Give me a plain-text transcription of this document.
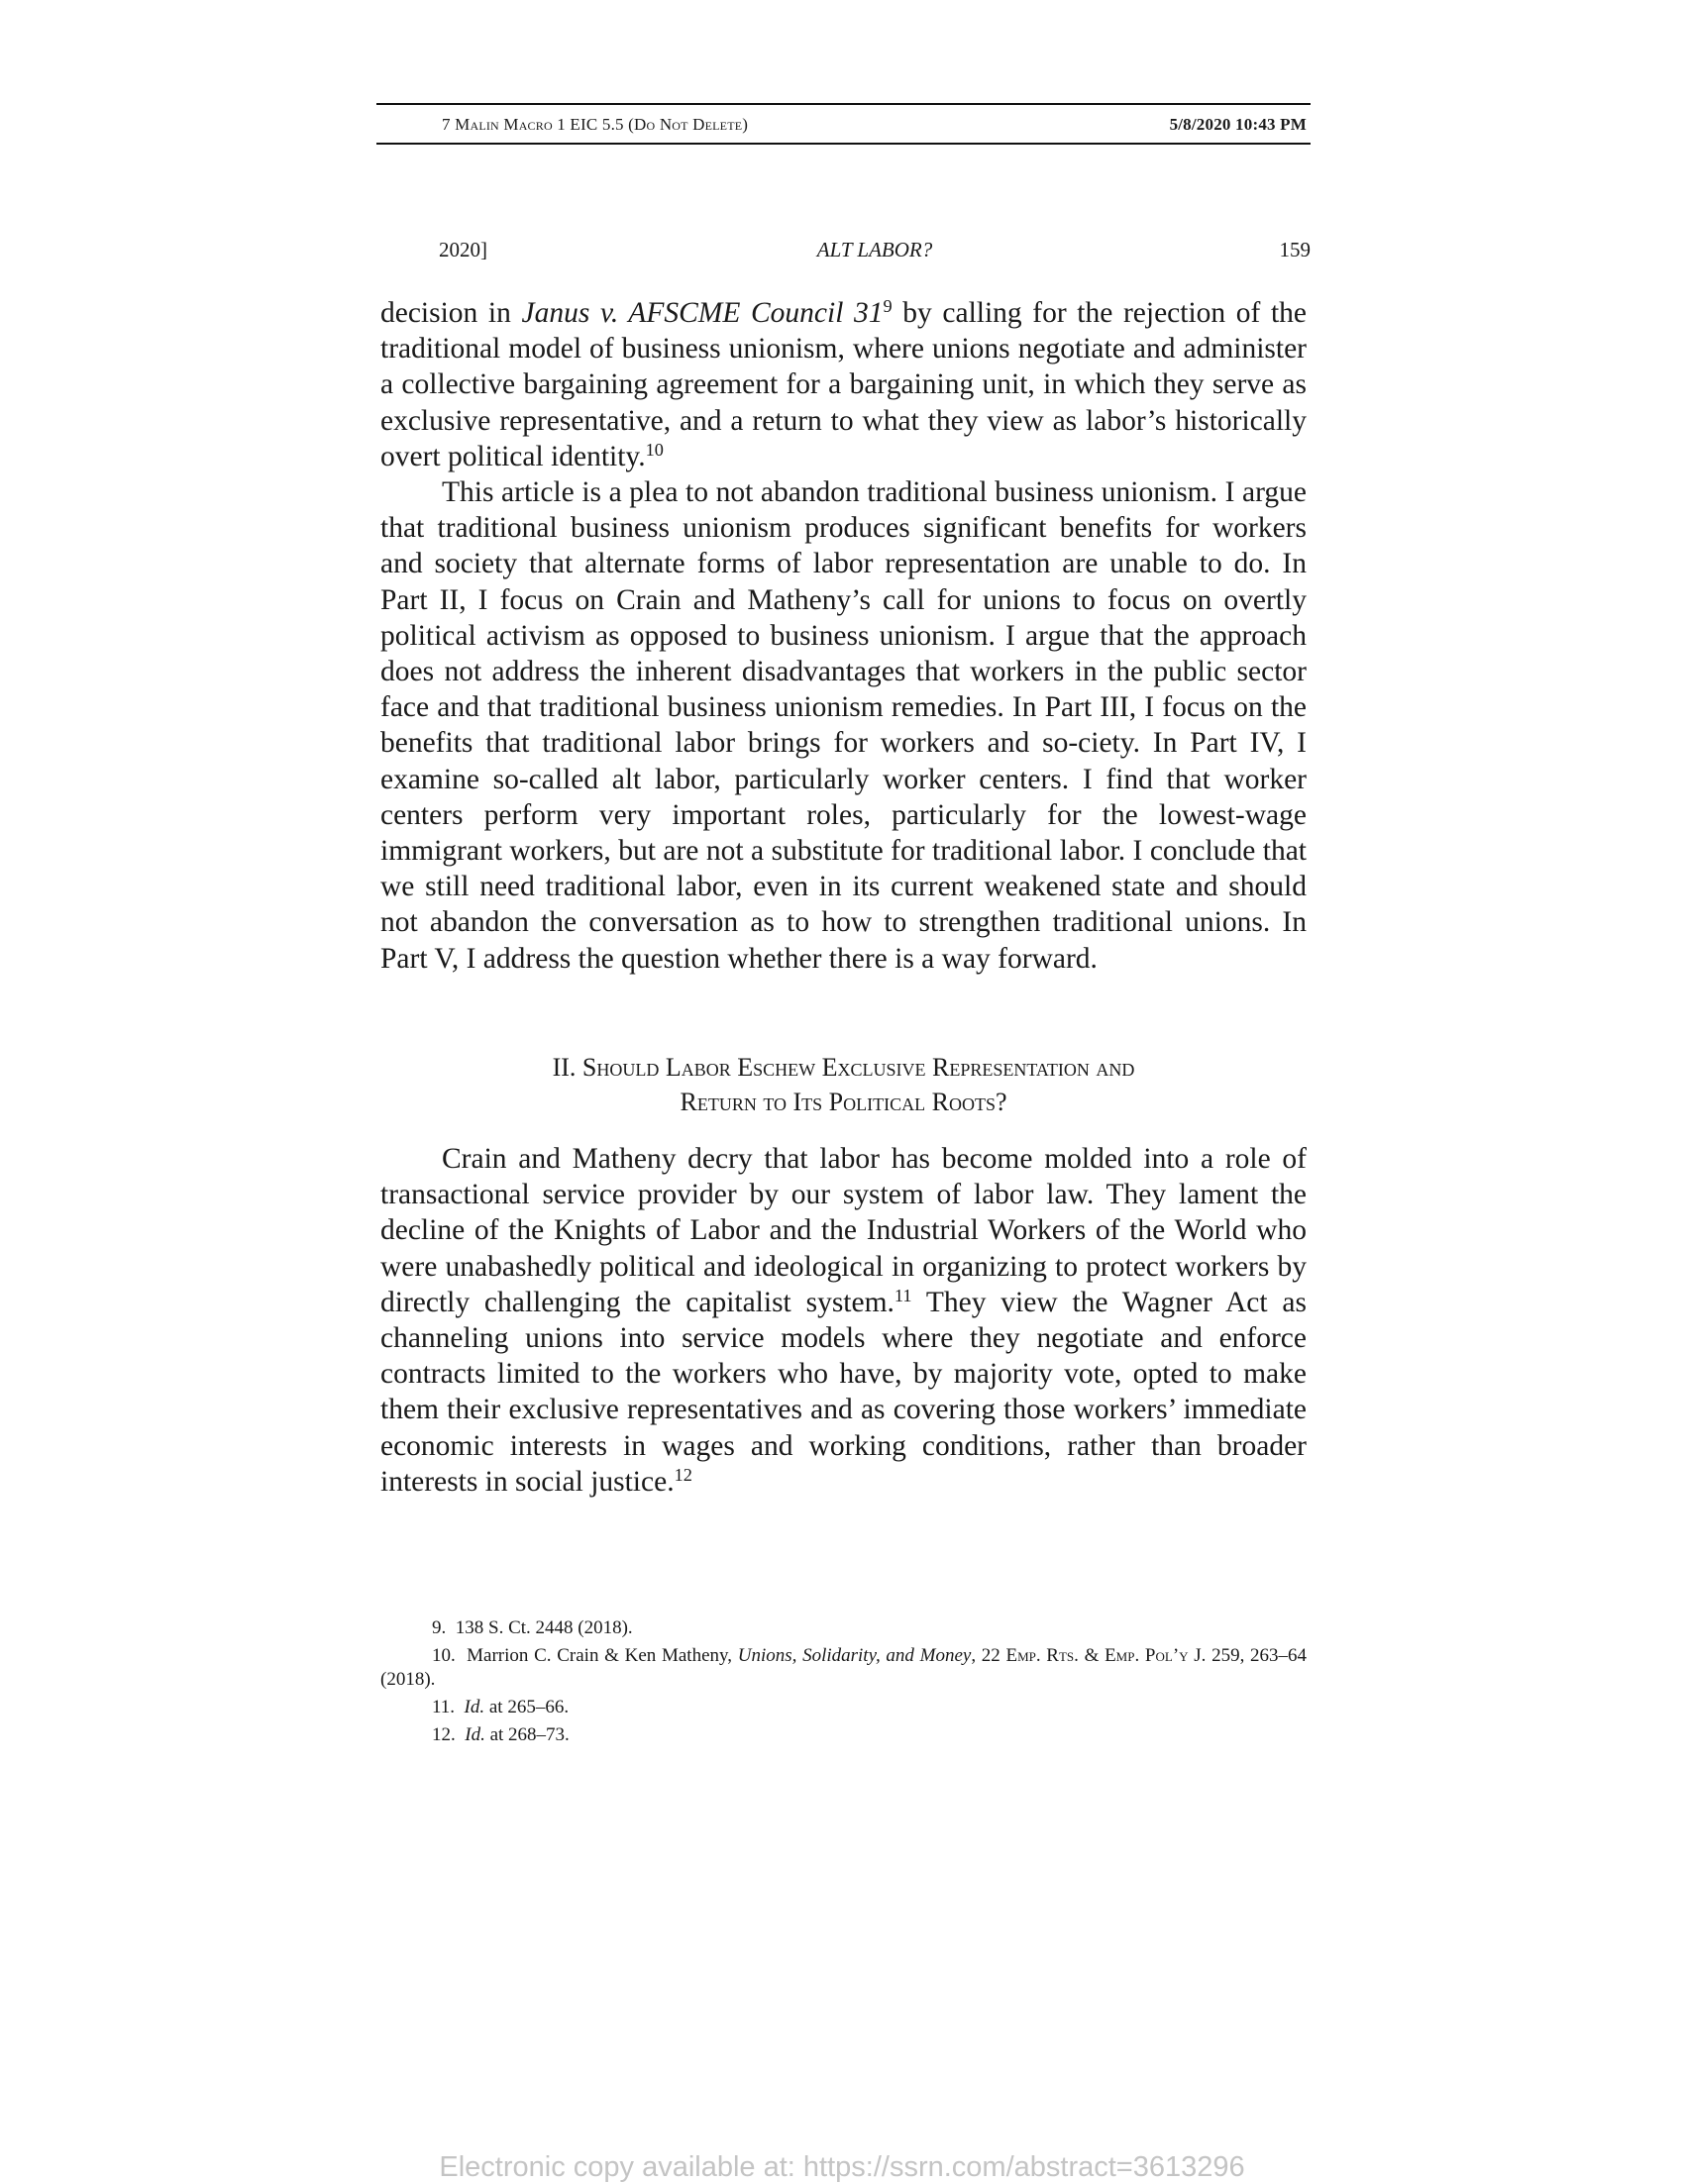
7 Malin Macro 1 EIC 5.5 (Do Not Delete)	5/8/2020 10:43 PM
2020]	ALT LABOR?	159

decision in Janus v. AFSCME Council $31^9$ by calling for the rejection of the traditional model of business unionism, where unions negotiate and administer a collective bargaining agreement for a bargaining unit, in which they serve as exclusive representative, and a return to what they view as labor’s historically overt political identity.$^{10}$

This article is a plea to not abandon traditional business unionism. I argue that traditional business unionism produces significant benefits for workers and society that alternate forms of labor representation are unable to do. In Part II, I focus on Crain and Matheny’s call for unions to focus on overtly political activism as opposed to business unionism. I argue that the approach does not address the inherent disadvantages that workers in the public sector face and that traditional business unionism remedies. In Part III, I focus on the benefits that traditional labor brings for workers and so-ciety. In Part IV, I examine so-called alt labor, particularly worker centers. I find that worker centers perform very important roles, particularly for the lowest-wage immigrant workers, but are not a substitute for traditional labor. I conclude that we still need traditional labor, even in its current weakened state and should not abandon the conversation as to how to strengthen traditional unions. In Part V, I address the question whether there is a way forward.

II. Should Labor Eschew Exclusive Representation and
Return to Its Political Roots?

Crain and Matheny decry that labor has become molded into a role of transactional service provider by our system of labor law. They lament the decline of the Knights of Labor and the Industrial Workers of the World who were unabashedly political and ideological in organizing to protect workers by directly challenging the capitalist system.$^{11}$ They view the Wagner Act as channeling unions into service models where they negotiate and enforce contracts limited to the workers who have, by majority vote, opted to make them their exclusive representatives and as covering those workers’ immediate economic interests in wages and working conditions, rather than broader interests in social justice.$^{12}$

9. 138 S. Ct. 2448 (2018).

10. Marrion C. Crain & Ken Matheny, Unions, Solidarity, and Money, 22 Emp. Rts. & Emp. Pol’y J. 259, 263–64 (2018).

11. Id. at 265–66.

12. Id. at 268–73.

Electronic copy available at: https://ssrn.com/abstract=3613296
